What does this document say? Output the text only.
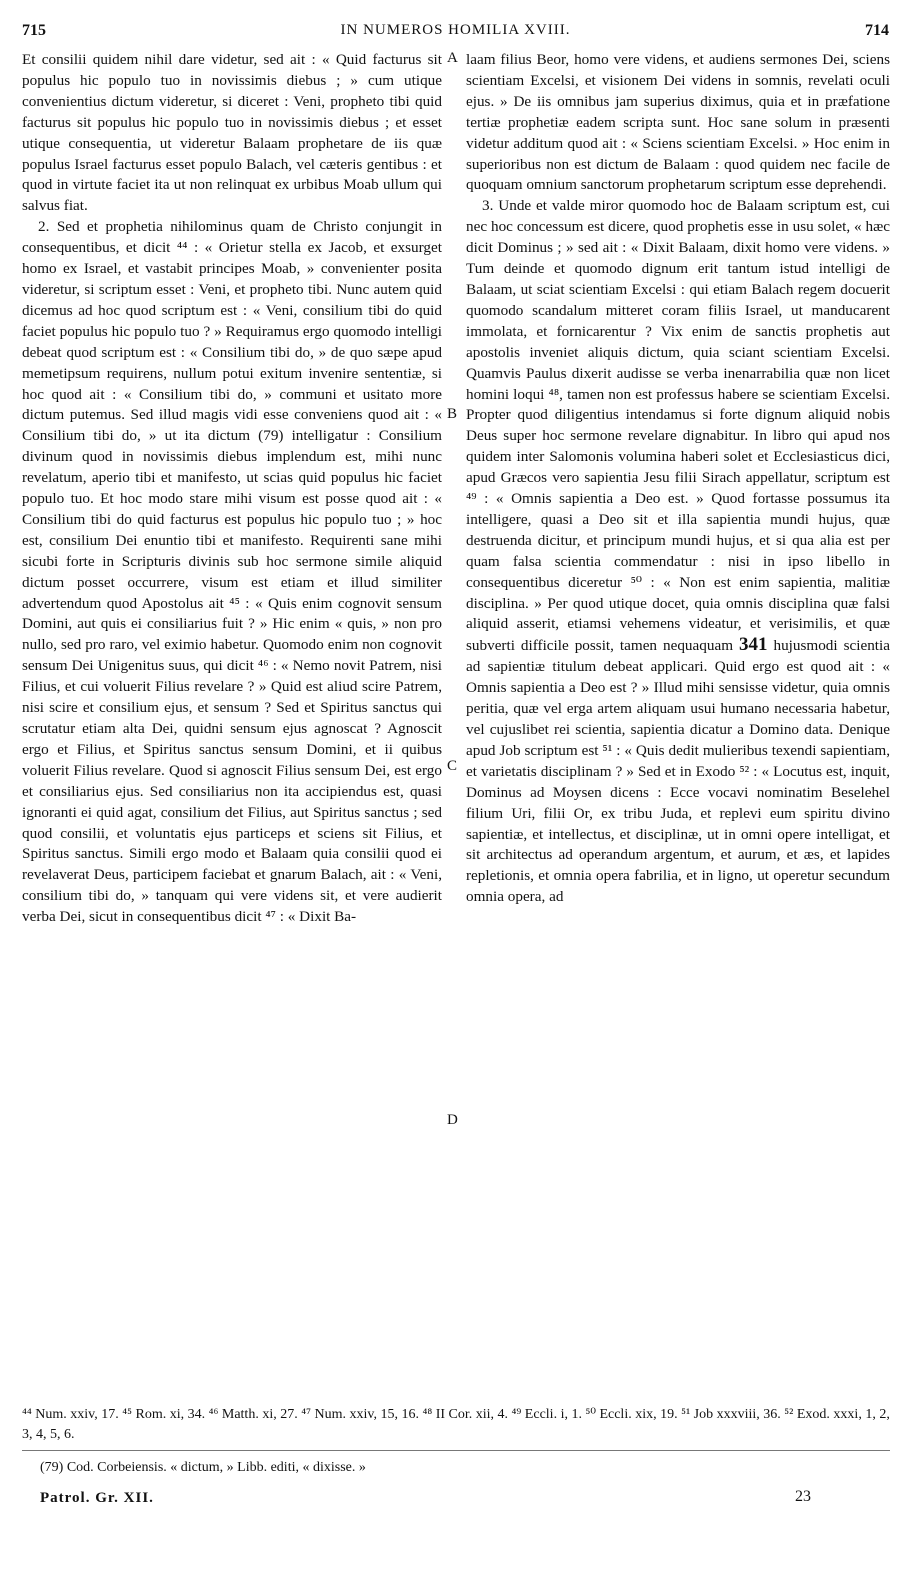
715	IN NUMEROS HOMILIA XVIII.	714
A
B
C
D

Et consilii quidem nihil dare videtur, sed ait : « Quid facturus sit populus hic populo tuo in novissimis diebus ; » cum utique convenientius dictum videretur, si diceret : Veni, propheto tibi quid facturus sit populus hic populo tuo in novissimis diebus ; et esset utique consequentia, ut videretur Balaam prophetare de iis quæ populus Israel facturus esset populo Balach, vel cæteris gentibus : et quod in virtute faciet ita ut non relinquat ex urbibus Moab ullum qui salvus fiat.

2. Sed et prophetia nihilominus quam de Christo conjungit in consequentibus, et dicit ⁴⁴ : « Orietur stella ex Jacob, et exsurget homo ex Israel, et vastabit principes Moab, » convenienter posita videretur, si scriptum esset : Veni, et propheto tibi. Nunc autem quid dicemus ad hoc quod scriptum est : « Veni, consilium tibi do quid faciet populus hic populo tuo ? » Requiramus ergo quomodo intelligi debeat quod scriptum est : « Consilium tibi do, » de quo sæpe apud memetipsum requirens, nullum potui exitum invenire sententiæ, si hoc quod ait : « Consilium tibi do, » communi et usitato more dictum putemus. Sed illud magis vidi esse conveniens quod ait : « Consilium tibi do, » ut ita dictum (79) intelligatur : Consilium divinum quod in novissimis diebus implendum est, mihi nunc revelatum, aperio tibi et manifesto, ut scias quid populus hic faciet populo tuo. Et hoc modo stare mihi visum est posse quod ait : « Consilium tibi do quid facturus est populus hic populo tuo ; » hoc est, consilium Dei enuntio tibi et manifesto. Requirenti sane mihi sicubi forte in Scripturis divinis sub hoc sermone simile aliquid dictum posset occurrere, visum est etiam et illud similiter advertendum quod Apostolus ait ⁴⁵ : « Quis enim cognovit sensum Domini, aut quis ei consiliarius fuit ? » Hic enim « quis, » non pro nullo, sed pro raro, vel eximio habetur. Quomodo enim non cognovit sensum Dei Unigenitus suus, qui dicit ⁴⁶ : « Nemo novit Patrem, nisi Filius, et cui voluerit Filius revelare ? » Quid est aliud scire Patrem, nisi scire et consilium ejus, et sensum ? Sed et Spiritus sanctus qui scrutatur etiam alta Dei, quidni sensum ejus agnoscat ? Agnoscit ergo et Filius, et Spiritus sanctus sensum Domini, et ii quibus voluerit Filius revelare. Quod si agnoscit Filius sensum Dei, est ergo et consiliarius ejus. Sed consiliarius non ita accipiendus est, quasi ignoranti ei quid agat, consilium det Filius, aut Spiritus sanctus ; sed quod consilii, et voluntatis ejus particeps et sciens sit Filius, et Spiritus sanctus. Simili ergo modo et Balaam quia consilii quod ei revelaverat Deus, participem faciebat et gnarum Balach, ait : « Veni, consilium tibi do, » tanquam qui vere videns sit, et vere audierit verba Dei, sicut in consequentibus dicit ⁴⁷ : « Dixit Ba-

laam filius Beor, homo vere videns, et audiens sermones Dei, sciens scientiam Excelsi, et visionem Dei videns in somnis, revelati oculi ejus. » De iis omnibus jam superius diximus, quia et in præfatione tertiæ prophetiæ eadem scripta sunt. Hoc sane solum in præsenti videtur additum quod ait : « Sciens scientiam Excelsi. » Hoc enim in superioribus non est dictum de Balaam : quod quidem nec facile de quoquam omnium sanctorum prophetarum scriptum esse deprehendi.

3. Unde et valde miror quomodo hoc de Balaam scriptum est, cui nec hoc concessum est dicere, quod prophetis esse in usu solet, « hæc dicit Dominus ; » sed ait : « Dixit Balaam, dixit homo vere videns. » Tum deinde et quomodo dignum erit tantum istud intelligi de Balaam, ut sciat scientiam Excelsi : qui etiam Balach regem docuerit quomodo scandalum mitteret coram filiis Israel, ut manducarent immolata, et fornicarentur ? Vix enim de sanctis prophetis aut apostolis inveniet aliquis dictum, quia sciant scientiam Excelsi. Quamvis Paulus dixerit audisse se verba inenarrabilia quæ non licet homini loqui ⁴⁸, tamen non est professus habere se scientiam Excelsi. Propter quod diligentius intendamus si forte dignum aliquid nobis Deus super hoc sermone revelare dignabitur. In libro qui apud nos quidem inter Salomonis volumina haberi solet et Ecclesiasticus dici, apud Græcos vero sapientia Jesu filii Sirach appellatur, scriptum est ⁴⁹ : « Omnis sapientia a Deo est. » Quod fortasse possumus ita intelligere, quasi a Deo sit et illa sapientia mundi hujus, quæ destruenda dicitur, et principum mundi hujus, et si qua alia est per quam falsa scientia commendatur : nisi in ipso libello in consequentibus diceretur ⁵⁰ : « Non est enim sapientia, malitiæ disciplina. » Per quod utique docet, quia omnis disciplina quæ falsi aliquid asserit, etiamsi vehemens videatur, et verisimilis, et quæ subverti difficile possit, tamen nequaquam 341 hujusmodi scientia ad sapientiæ titulum debeat applicari. Quid ergo est quod ait : « Omnis sapientia a Deo est ? » Illud mihi sensisse videtur, quia omnis peritia, quæ vel erga artem aliquam usui humano necessaria habetur, vel cujuslibet rei scientia, sapientia dicatur a Domino data. Denique apud Job scriptum est ⁵¹ : « Quis dedit mulieribus texendi sapientiam, et varietatis disciplinam ? » Sed et in Exodo ⁵² : « Locutus est, inquit, Dominus ad Moysen dicens : Ecce vocavi nominatim Beselehel filium Uri, filii Or, ex tribu Juda, et replevi eum spiritu divino sapientiæ, et intellectus, et disciplinæ, ut in omni opere intelligat, et sit architectus ad operandum argentum, et aurum, et æs, et lapides repletionis, et omnia opera fabrilia, et in ligno, ut operetur secundum omnia opera, ad

⁴⁴ Num. xxiv, 17. ⁴⁵ Rom. xi, 34. ⁴⁶ Matth. xi, 27. ⁴⁷ Num. xxiv, 15, 16. ⁴⁸ II Cor. xii, 4. ⁴⁹ Eccli. i, 1. ⁵⁰ Eccli. xix, 19. ⁵¹ Job xxxviii, 36. ⁵² Exod. xxxi, 1, 2, 3, 4, 5, 6.
(79) Cod. Corbeiensis. « dictum, » Libb. editi, « dixisse. »
Patrol. Gr. XII.	23
